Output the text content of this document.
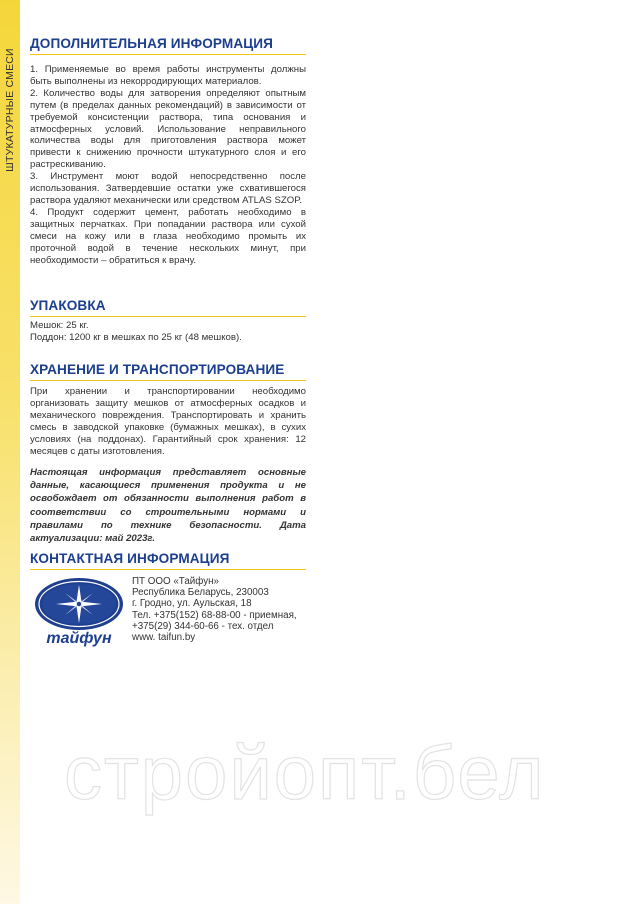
ШТУКАТУРНЫЕ СМЕСИ
ДОПОЛНИТЕЛЬНАЯ ИНФОРМАЦИЯ

1. Применяемые во время работы инструменты должны быть выполнены из некорродирующих материалов.

2. Количество воды для затворения определяют опытным путем (в пределах данных рекомендаций) в зависимости от требуемой консистенции раствора, типа основания и атмосферных условий. Использование неправильного количества воды для приготовления раствора может привести к снижению прочности штукатурного слоя и его растрескиванию.

3. Инструмент моют водой непосредственно после использования. Затвердевшие остатки уже схватившегося раствора удаляют механически или средством ATLAS SZOP.

4. Продукт содержит цемент, работать необходимо в защитных перчатках. При попадании раствора или сухой смеси на кожу или в глаза необходимо промыть их проточной водой в течение нескольких минут, при необходимости – обратиться к врачу.

УПАКОВКА

Мешок: 25 кг.

Поддон: 1200 кг в мешках по 25 кг (48 мешков).

ХРАНЕНИЕ И ТРАНСПОРТИРОВАНИЕ

При хранении и транспортировании необходимо организовать защиту мешков от атмосферных осадков и механического повреждения. Транспортировать и хранить смесь в заводской упаковке (бумажных мешках), в сухих условиях (на поддонах). Гарантийный срок хранения: 12 месяцев с даты изготовления.

Настоящая информация представляет основные данные, касающиеся применения продукта и не освобождает от обязанности выполнения работ в соответствии со строительными нормами и правилами по технике безопасности. Дата актуализации: май 2023г.
КОНТАКТНАЯ ИНФОРМАЦИЯ
тайфун
ПТ ООО «Тайфун»
Республика Беларусь, 230003
г. Гродно, ул. Аульская, 18
Тел. +375(152) 68-88-00 - приемная,
+375(29) 344-60-66 - тех. отдел
www. taifun.by
стройопт.бел
